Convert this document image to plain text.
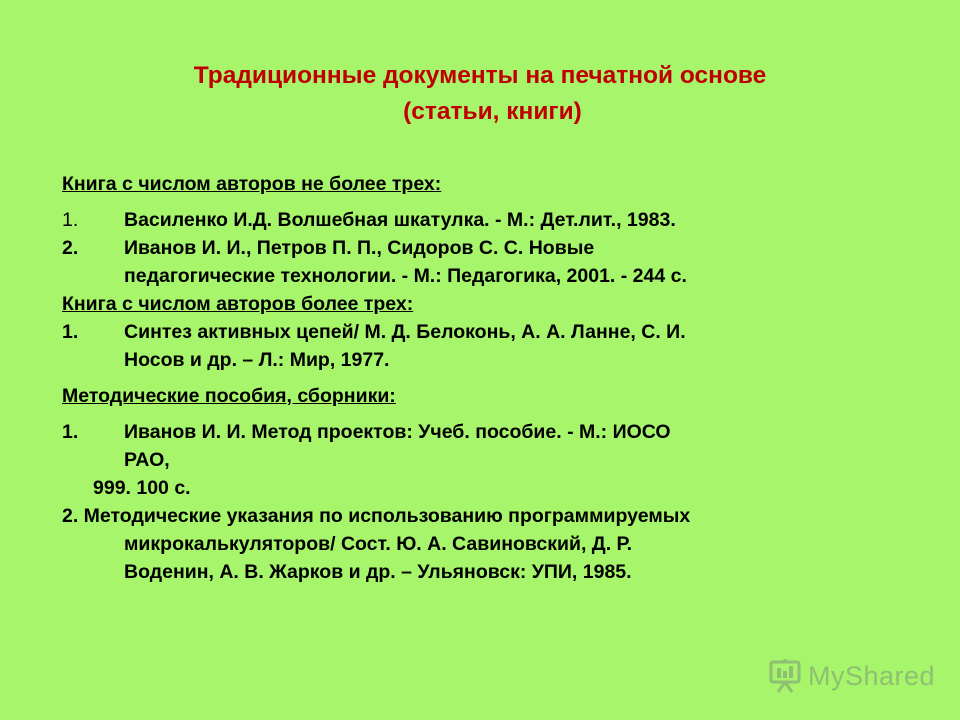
Традиционные документы на печатной основе
(статьи, книги)
Книга с числом авторов не более трех:
1. Василенко И.Д. Волшебная шкатулка. - М.: Дет.лит., 1983.
2. Иванов И. И., Петров П. П., Сидоров С. С. Новые
педагогические технологии. - М.: Педагогика, 2001. - 244 с.
Книга с числом авторов более трех:
1. Синтез активных цепей/ М. Д. Белоконь, А. А. Ланне, С. И.
Носов и др. – Л.: Мир, 1977.
Методические пособия, сборники:
1. Иванов И. И. Метод проектов: Учеб. пособие. - М.: ИОСО
РАО,
999. 100 с.
2. Методические указания по использованию программируемых
микрокалькуляторов/ Сост. Ю. А. Савиновский, Д. Р.
Воденин, А. В. Жарков и др. – Ульяновск: УПИ, 1985.
MyShared
